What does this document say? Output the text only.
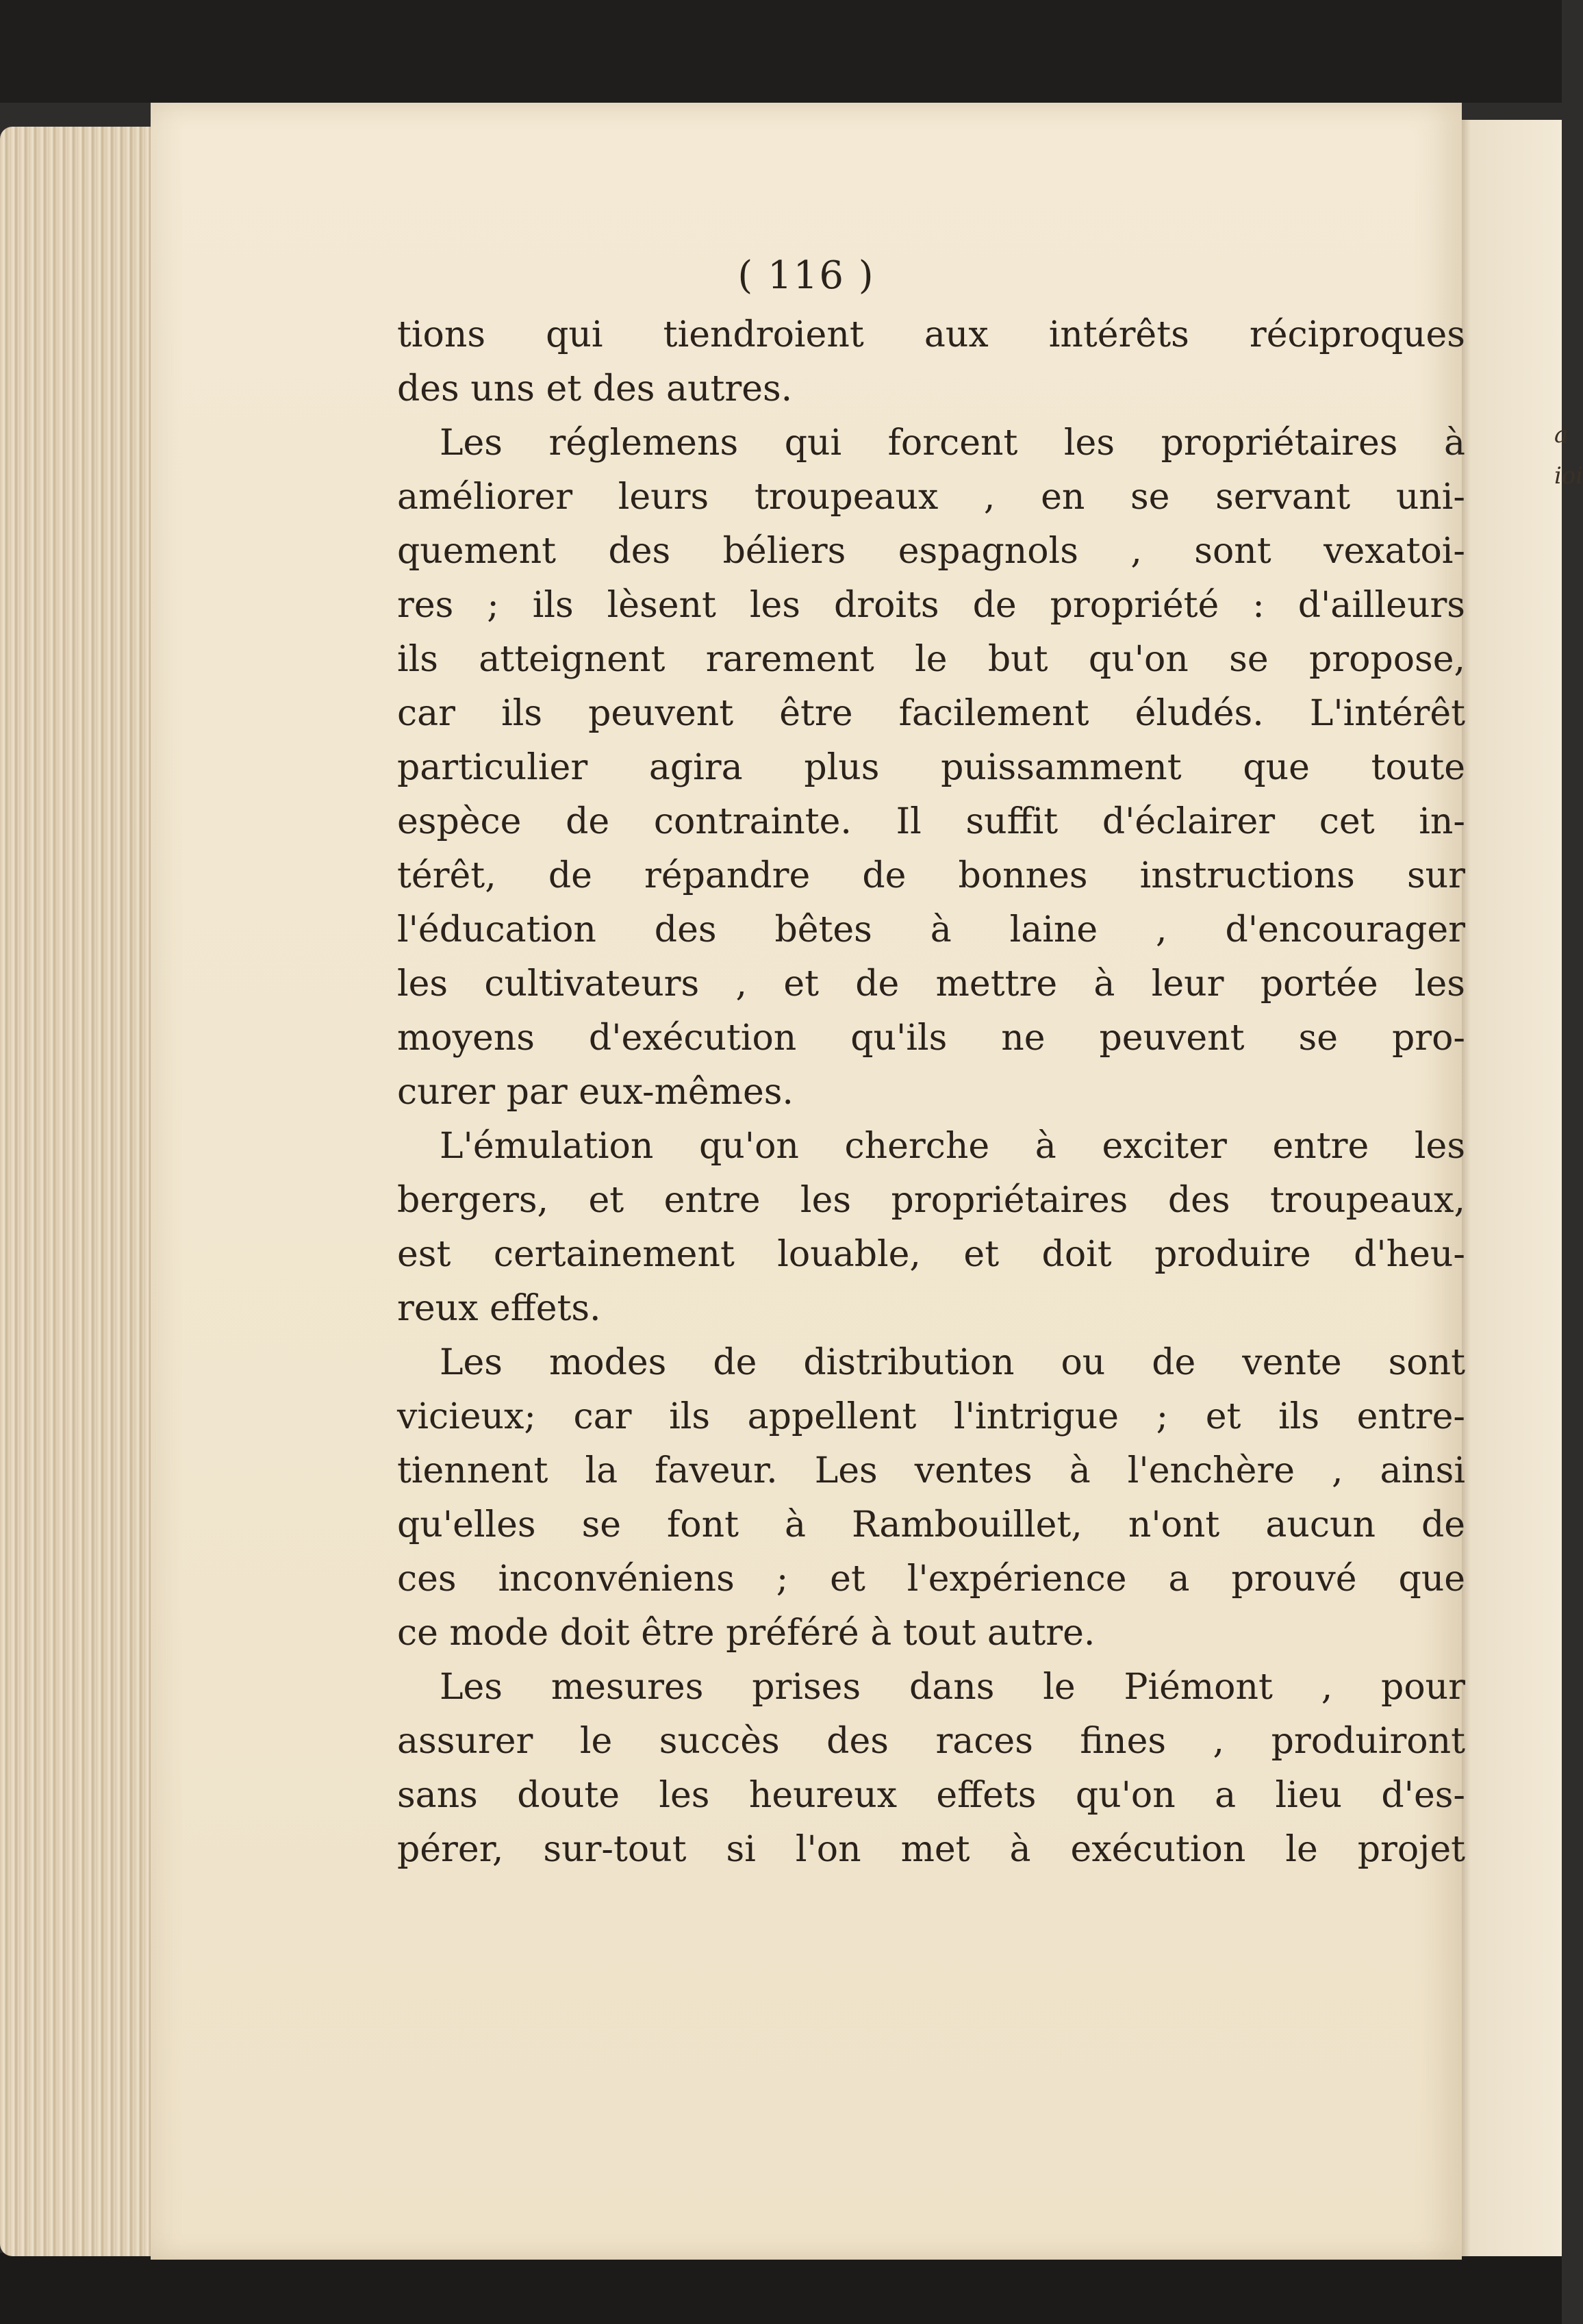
a
ioi
( 116 )
tions qui tiendroient aux intérêts réciproques
des uns et des autres.
Les réglemens qui forcent les propriétaires à
améliorer leurs troupeaux , en se servant uni-
quement des béliers espagnols , sont vexatoi-
res ; ils lèsent les droits de propriété : d'ailleurs
ils atteignent rarement le but qu'on se propose,
car ils peuvent être facilement éludés. L'intérêt
particulier agira plus puissamment que toute
espèce de contrainte. Il suffit d'éclairer cet in-
térêt, de répandre de bonnes instructions sur
l'éducation des bêtes à laine , d'encourager
les cultivateurs , et de mettre à leur portée les
moyens d'exécution qu'ils ne peuvent se pro-
curer par eux-mêmes.
L'émulation qu'on cherche à exciter entre les
bergers, et entre les propriétaires des troupeaux,
est certainement louable, et doit produire d'heu-
reux effets.
Les modes de distribution ou de vente sont
vicieux; car ils appellent l'intrigue ; et ils entre-
tiennent la faveur. Les ventes à l'enchère , ainsi
qu'elles se font à Rambouillet, n'ont aucun de
ces inconvéniens ; et l'expérience a prouvé que
ce mode doit être préféré à tout autre.
Les mesures prises dans le Piémont , pour
assurer le succès des races fines , produiront
sans doute les heureux effets qu'on a lieu d'es-
pérer, sur-tout si l'on met à exécution le projet
